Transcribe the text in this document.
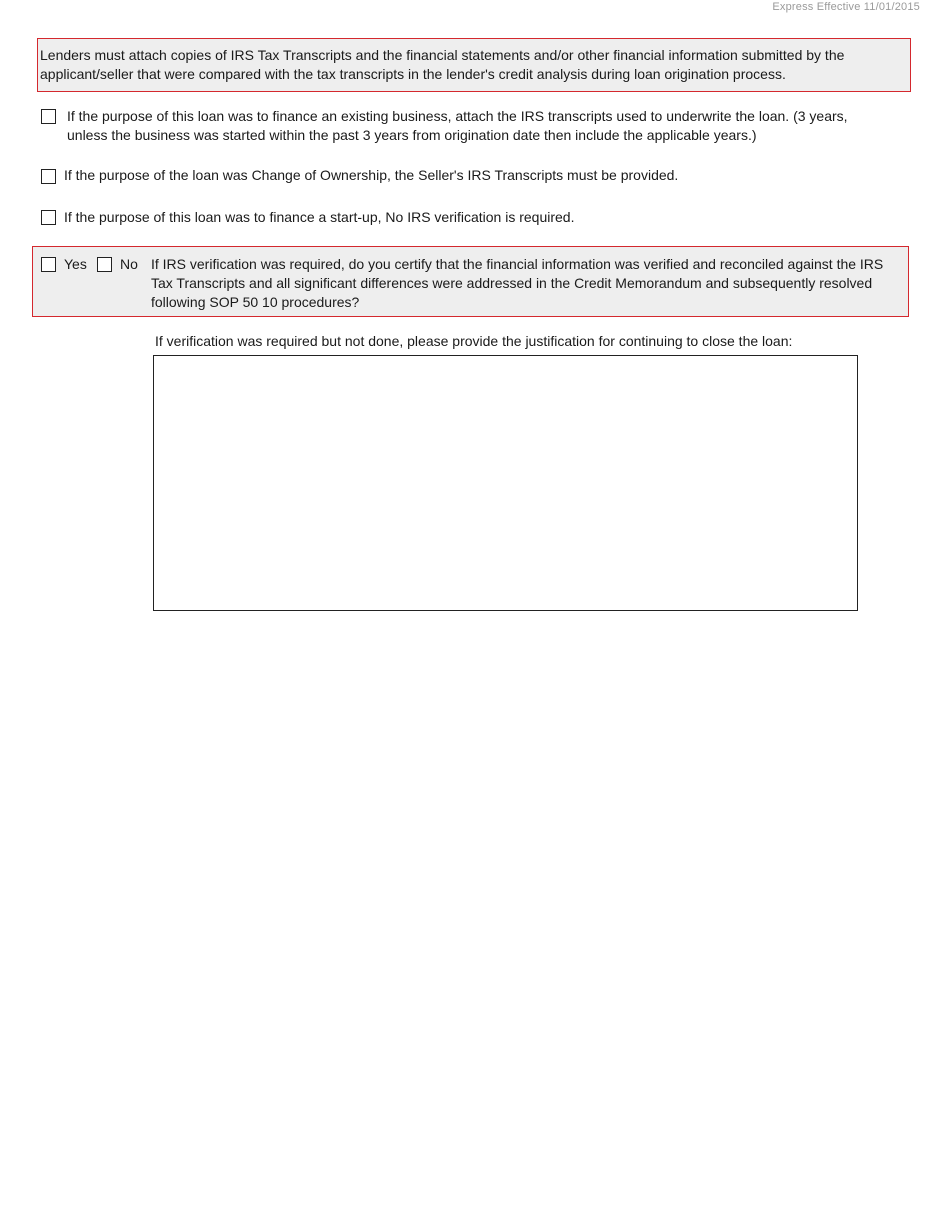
Express Effective 11/01/2015
Lenders must attach copies of IRS Tax Transcripts and the financial statements and/or other financial information submitted by the applicant/seller that were compared with the tax transcripts in the lender's credit analysis during loan origination process.
If the purpose of this loan was to finance an existing business, attach the IRS transcripts used to underwrite the loan. (3 years,
unless the business was started within the past 3 years from origination date then include the applicable years.)
If the purpose of the loan was Change of Ownership, the Seller's IRS Transcripts must be provided.
If the purpose of this loan was to finance a start-up, No IRS verification is required.
Yes No If IRS verification was required, do you certify that the financial information was verified and reconciled against the IRS Tax Transcripts and all significant differences were addressed in the Credit Memorandum and subsequently resolved following SOP 50 10 procedures?
If verification was required but not done, please provide the justification for continuing to close the loan:
